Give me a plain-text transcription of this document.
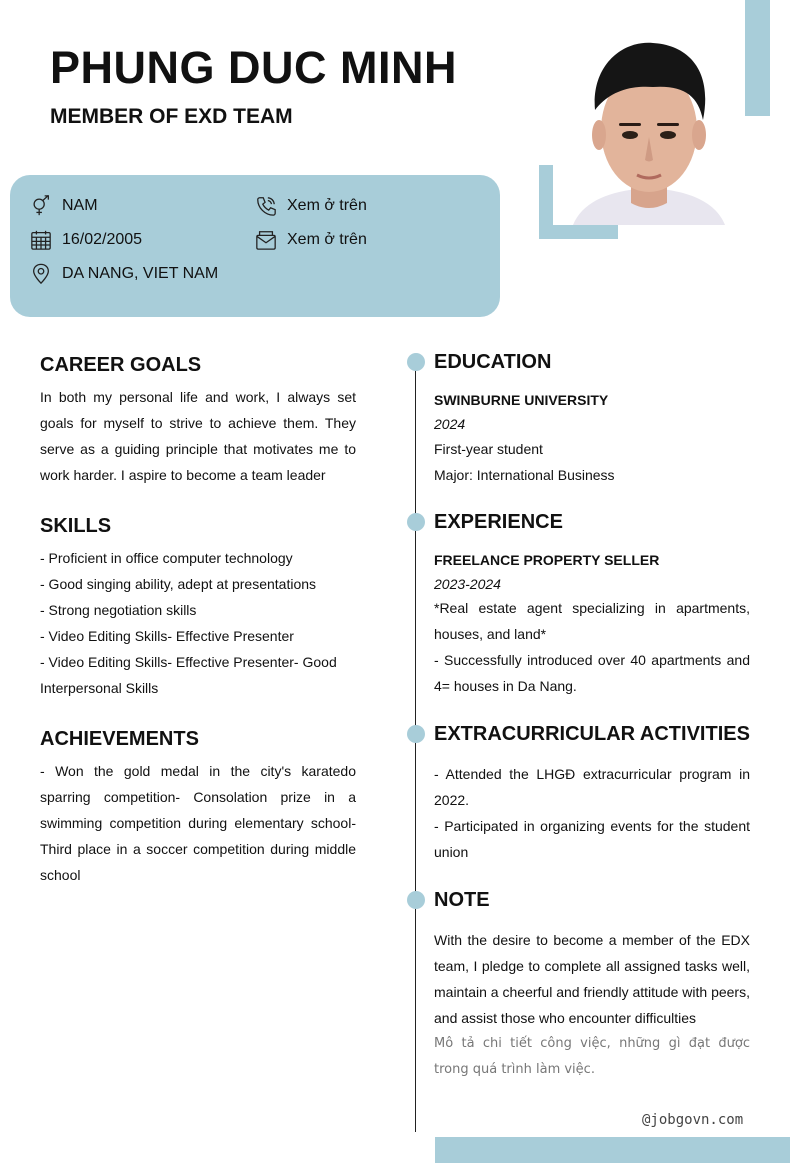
PHUNG DUC MINH
MEMBER OF EXD TEAM
NAM	Xem ở trên
16/02/2005	Xem ở trên
DA NANG, VIET NAM
CAREER GOALS
In both my personal life and work, I always set goals for myself to strive to achieve them. They serve as a guiding principle that motivates me to work harder. I aspire to become a team leader
SKILLS
- Proficient in office computer technology
- Good singing ability, adept at presentations
- Strong negotiation skills
- Video Editing Skills- Effective Presenter
- Video Editing Skills- Effective Presenter- Good Interpersonal Skills
ACHIEVEMENTS
- Won the gold medal in the city's karatedo sparring competition- Consolation prize in a swimming competition during elementary school- Third place in a soccer competition during middle school
EDUCATION
SWINBURNE UNIVERSITY
2024
First-year student
Major: International Business
EXPERIENCE
FREELANCE PROPERTY SELLER
2023-2024
*Real estate agent specializing in apartments, houses, and land*
- Successfully introduced over 40 apartments and 4= houses in Da Nang.
EXTRACURRICULAR ACTIVITIES
- Attended the LHGĐ extracurricular program in 2022.
- Participated in organizing events for the student union
NOTE
With the desire to become a member of the EDX team, I pledge to complete all assigned tasks well, maintain a cheerful and friendly attitude with peers, and assist those who encounter difficulties
Mô tả chi tiết công việc, những gì đạt được trong quá trình làm việc.
@jobgovn.com
